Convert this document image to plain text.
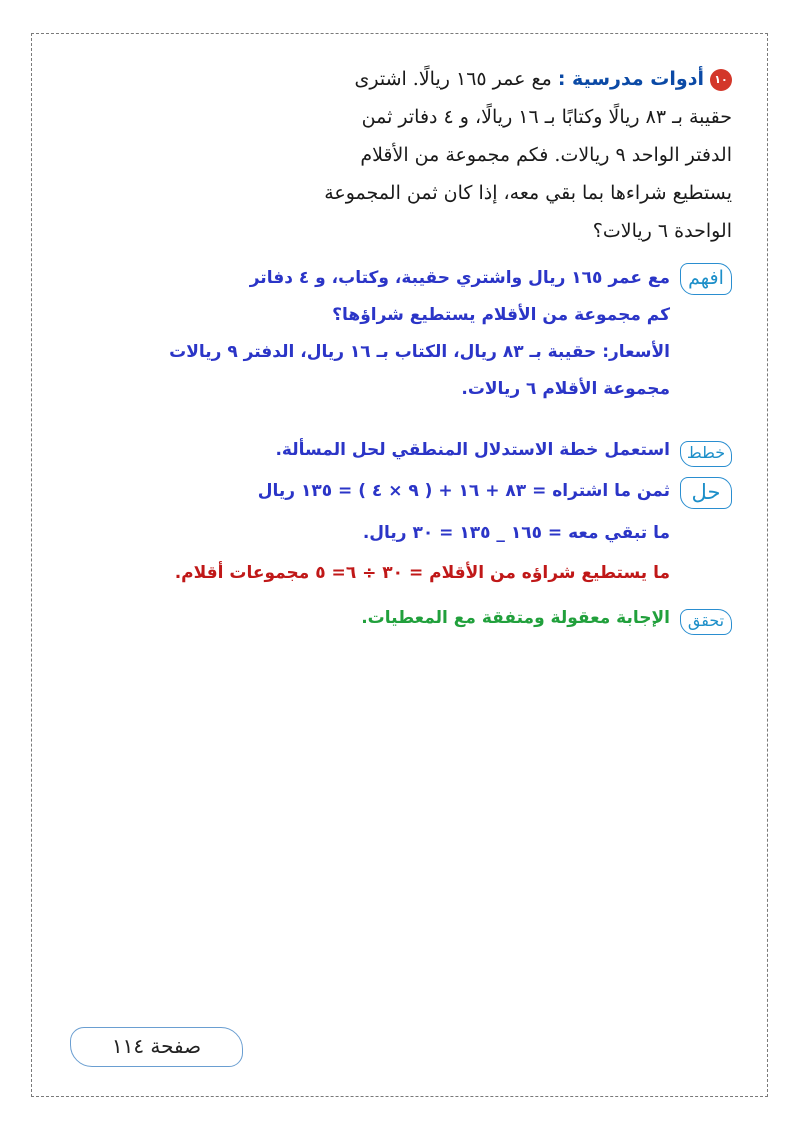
١٠أدوات مدرسية : مع عمر ١٦٥ ريالًا. اشترى
حقيبة بـ ٨٣ ريالًا وكتابًا بـ ١٦ ريالًا، و ٤ دفاتر ثمن
الدفتر الواحد ٩ ريالات. فكم مجموعة من الأقلام
يستطيع شراءها بما بقي معه، إذا كان ثمن المجموعة
الواحدة ٦ ريالات؟
افهم
مع عمر ١٦٥ ريال واشتري حقيبة، وكتاب، و ٤ دفاتر
كم مجموعة من الأقلام يستطيع شراؤها؟
الأسعار: حقيبة بـ ٨٣ ريال، الكتاب بـ ١٦ ريال، الدفتر ٩ ريالات
مجموعة الأقلام ٦ ريالات.
خطط
استعمل خطة الاستدلال المنطقي لحل المسألة.
حل
ثمن ما اشتراه = ٨٣ + ١٦ + ( ٩ × ٤ ) = ١٣٥ ريال
ما تبقي معه = ١٦٥ _ ١٣٥ = ٣٠ ريال.
ما يستطيع شراؤه من الأقلام = ٣٠ ÷ ٦= ٥ مجموعات أقلام.
تحقق
الإجابة معقولة ومتفقة مع المعطيات.
صفحة ١١٤
